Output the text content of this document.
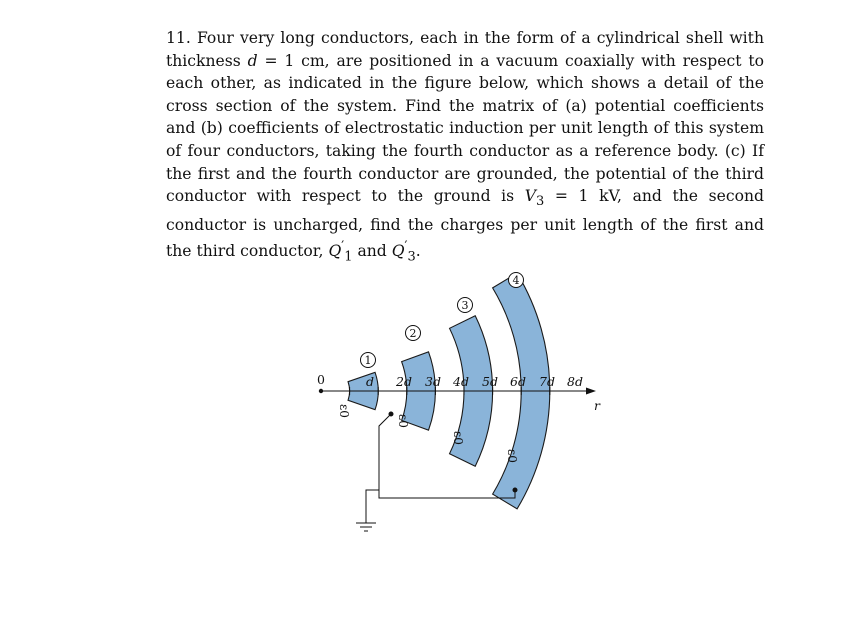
11. Four very long conductors, each in the form of a cylindrical shell with thickness d = 1 cm, are positioned in a vacuum coaxially with respect to each other, as indicated in the figure below, which shows a detail of the cross section of the system. Find the matrix of (a) potential coefficients and (b) coefficients of electrostatic induction per unit length of this system of four conductors, taking the fourth conductor as a reference body. (c) If the first and the fourth conductor are grounded, the potential of the third conductor with respect to the ground is $V_3 = 1$ kV, and the second conductor is uncharged, find the charges per unit length of the first and the third conductor, $Q'_1$ and $Q'_3$.

0
r
d 2d 3d 4d 5d 6d 7d 8d
ε0
ε0
ε0
ε0
1
2
3
4
